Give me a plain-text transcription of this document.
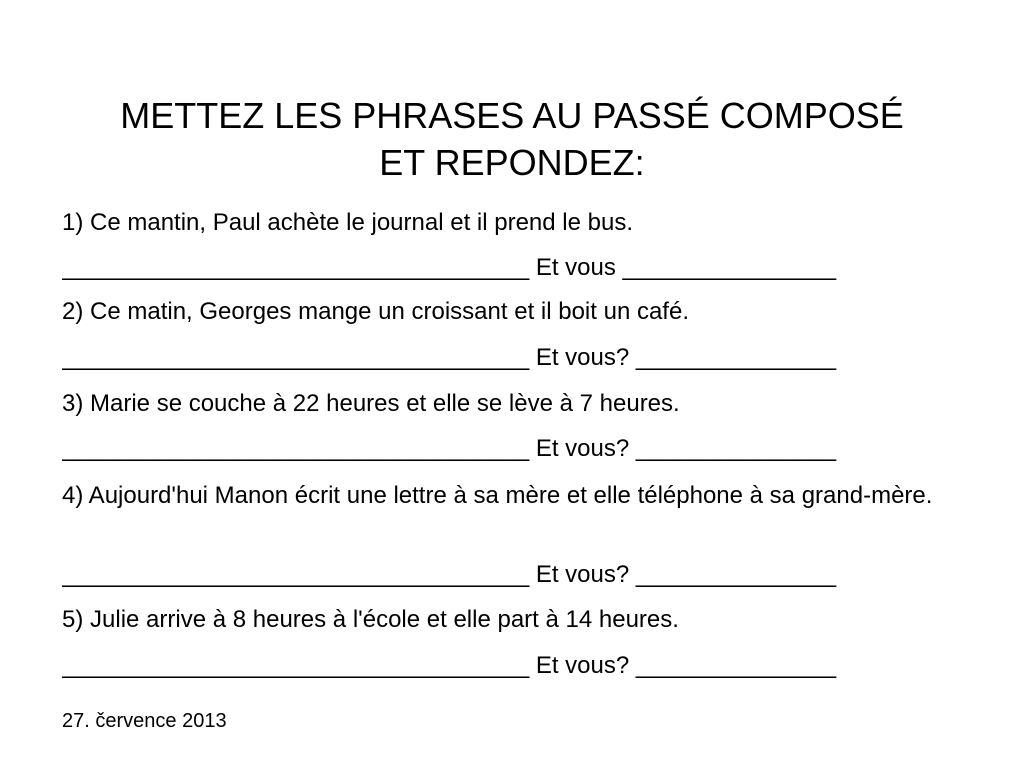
METTEZ LES PHRASES AU PASSÉ COMPOSÉ
ET REPONDEZ:
1) Ce mantin, Paul achète le journal et il prend le bus.
___________________________________ Et vous ________________
2) Ce matin, Georges mange un croissant et il boit un café.
___________________________________ Et vous? _______________
3) Marie se couche à 22 heures et elle se lève à 7 heures.
___________________________________ Et vous? _______________
4) Aujourd'hui Manon écrit une lettre à sa mère et elle téléphone à sa grand-mère.
___________________________________ Et vous? _______________
5) Julie arrive à 8 heures à l'école et elle part à 14 heures.
___________________________________ Et vous? _______________
27. července 2013
